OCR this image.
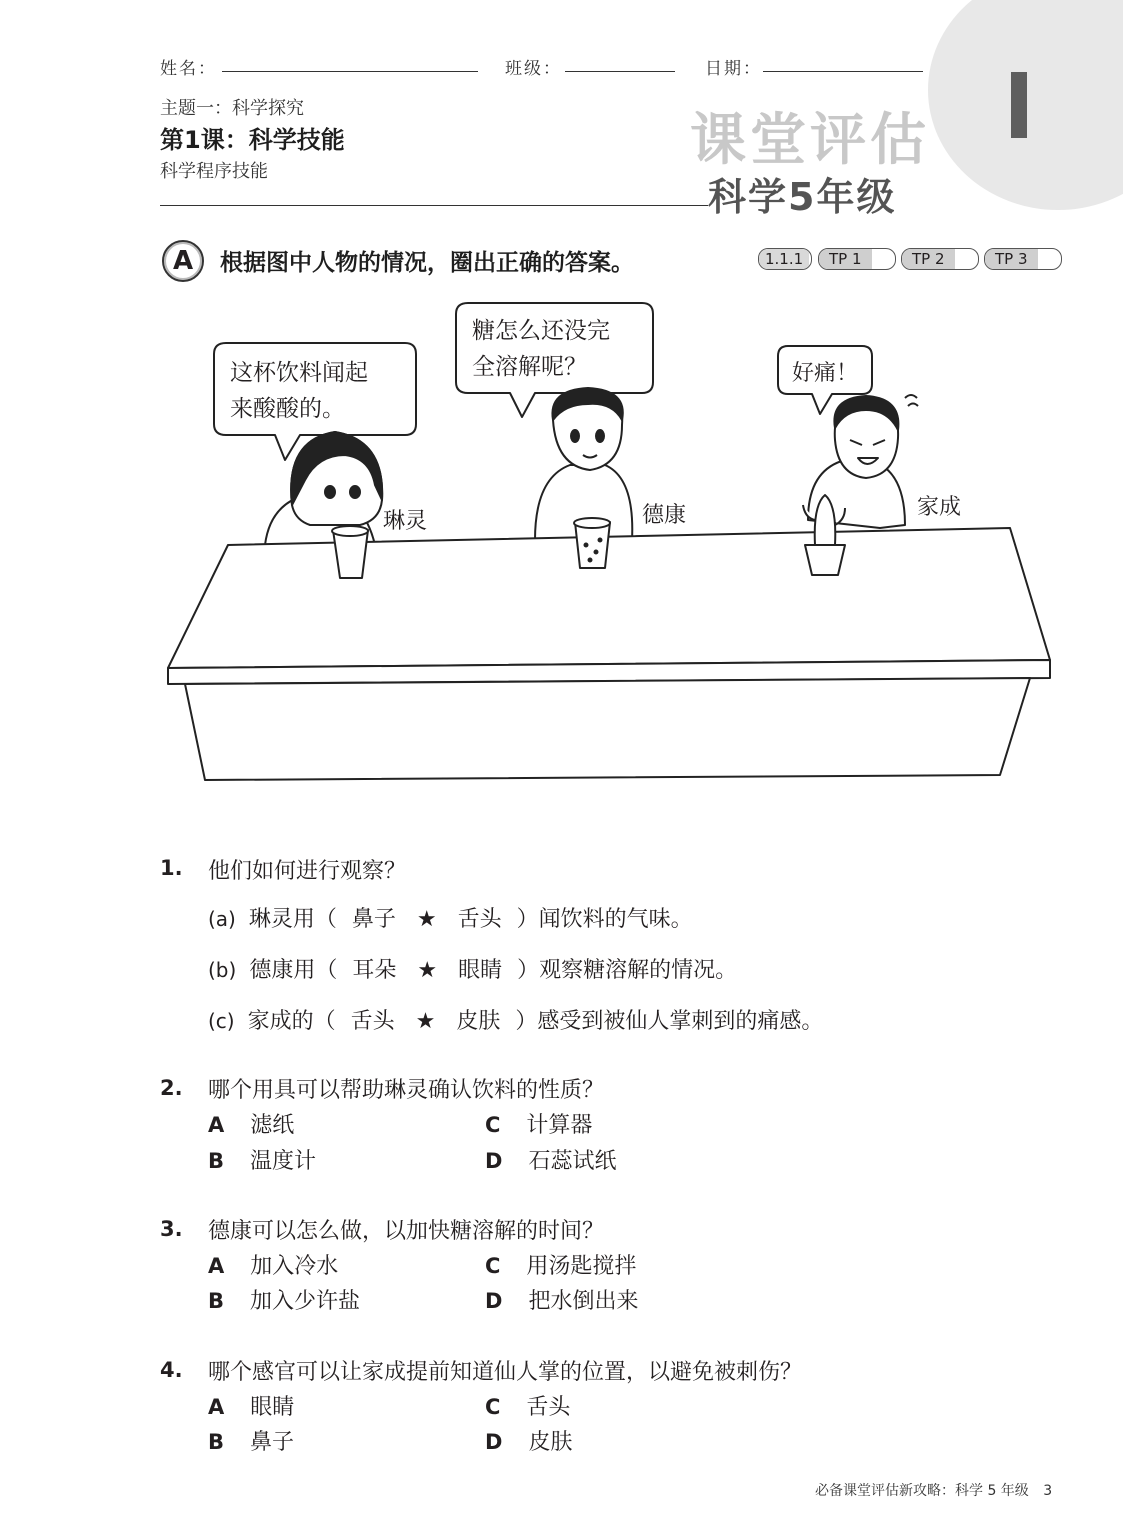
姓名：	班级：	日期：
主题一：科学探究
第1课：科学技能
科学程序技能	课堂评估
科学5年级
A	根据图中人物的情况，圈出正确的答案。	1.1.1	TP 1	TP 2	TP 3
这杯饮料闻起
来酸酸的。
糖怎么还没完
全溶解呢？	好痛！
琳灵	德康	家成
1. 他们如何进行观察？
(a) 琳灵用（ 鼻子 ★ 舌头 ）闻饮料的气味。
(b) 德康用（ 耳朵 ★ 眼睛 ）观察糖溶解的情况。
(c) 家成的（ 舌头 ★ 皮肤 ）感受到被仙人掌刺到的痛感。
2. 哪个用具可以帮助琳灵确认饮料的性质？
A 滤纸	C 计算器
B 温度计	D 石蕊试纸
3. 德康可以怎么做，以加快糖溶解的时间？
A 加入冷水	C 用汤匙搅拌
B 加入少许盐	D 把水倒出来
4. 哪个感官可以让家成提前知道仙人掌的位置，以避免被刺伤？
A 眼睛	C 舌头
B 鼻子	D 皮肤
必备课堂评估新攻略：科学 5 年级 3
